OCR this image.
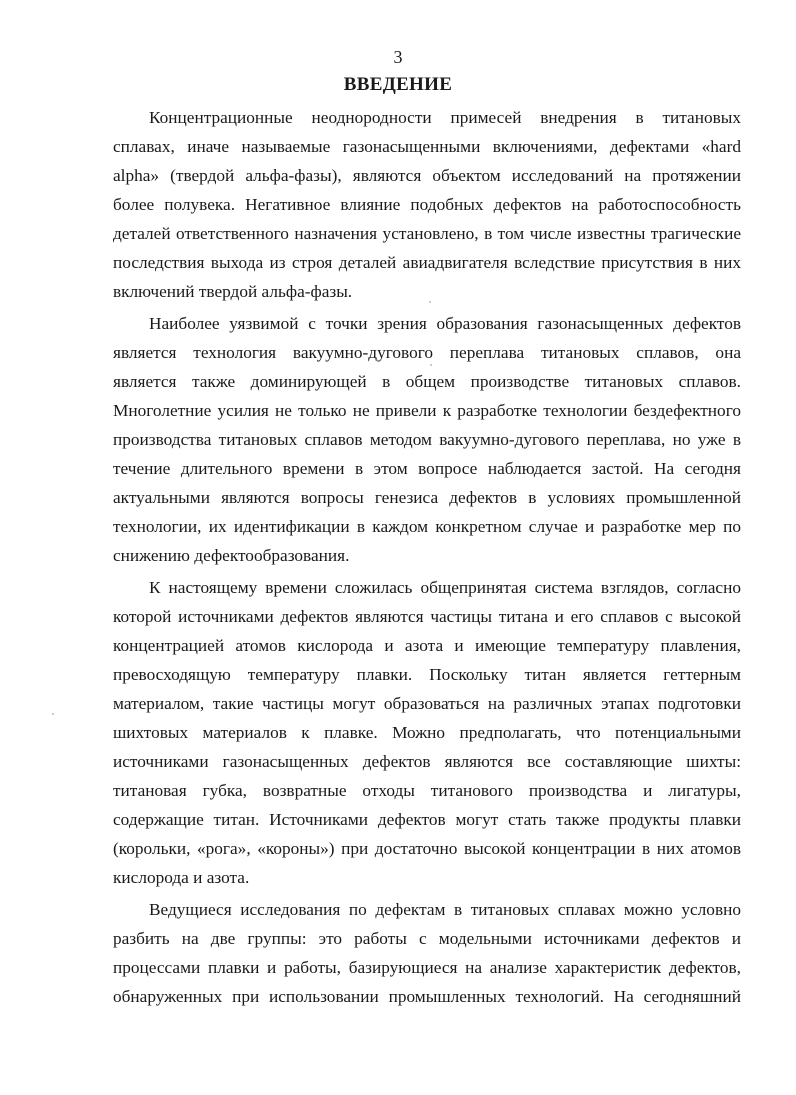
3
ВВЕДЕНИЕ
Концентрационные неоднородности примесей внедрения в титановых
сплавах, иначе называемые газонасыщенными включениями, дефектами «hard
alpha» (твердой альфа-фазы), являются объектом исследований на протяжении
более полувека. Негативное влияние подобных дефектов на работоспособность
деталей ответственного назначения установлено, в том числе известны трагические
последствия выхода из строя деталей авиадвигателя вследствие присутствия в них
включений твердой альфа-фазы.
Наиболее уязвимой с точки зрения образования газонасыщенных дефектов
является технология вакуумно-дугового переплава титановых сплавов, она
является также доминирующей в общем производстве титановых сплавов.
Многолетние усилия не только не привели к разработке технологии бездефектного
производства титановых сплавов методом вакуумно-дугового переплава, но уже в
течение длительного времени в этом вопросе наблюдается застой. На сегодня
актуальными являются вопросы генезиса дефектов в условиях промышленной
технологии, их идентификации в каждом конкретном случае и разработке мер по
снижению дефектообразования.
К настоящему времени сложилась общепринятая система взглядов, согласно
которой источниками дефектов являются частицы титана и его сплавов с высокой
концентрацией атомов кислорода и азота и имеющие температуру плавления,
превосходящую температуру плавки. Поскольку титан является геттерным
материалом, такие частицы могут образоваться на различных этапах подготовки
шихтовых материалов к плавке. Можно предполагать, что потенциальными
источниками газонасыщенных дефектов являются все составляющие шихты:
титановая губка, возвратные отходы титанового производства и лигатуры,
содержащие титан. Источниками дефектов могут стать также продукты плавки
(корольки, «рога», «короны») при достаточно высокой концентрации в них атомов
кислорода и азота.
Ведущиеся исследования по дефектам в титановых сплавах можно условно
разбить на две группы: это работы с модельными источниками дефектов и
процессами плавки и работы, базирующиеся на анализе характеристик дефектов,
обнаруженных при использовании промышленных технологий. На сегодняшний
